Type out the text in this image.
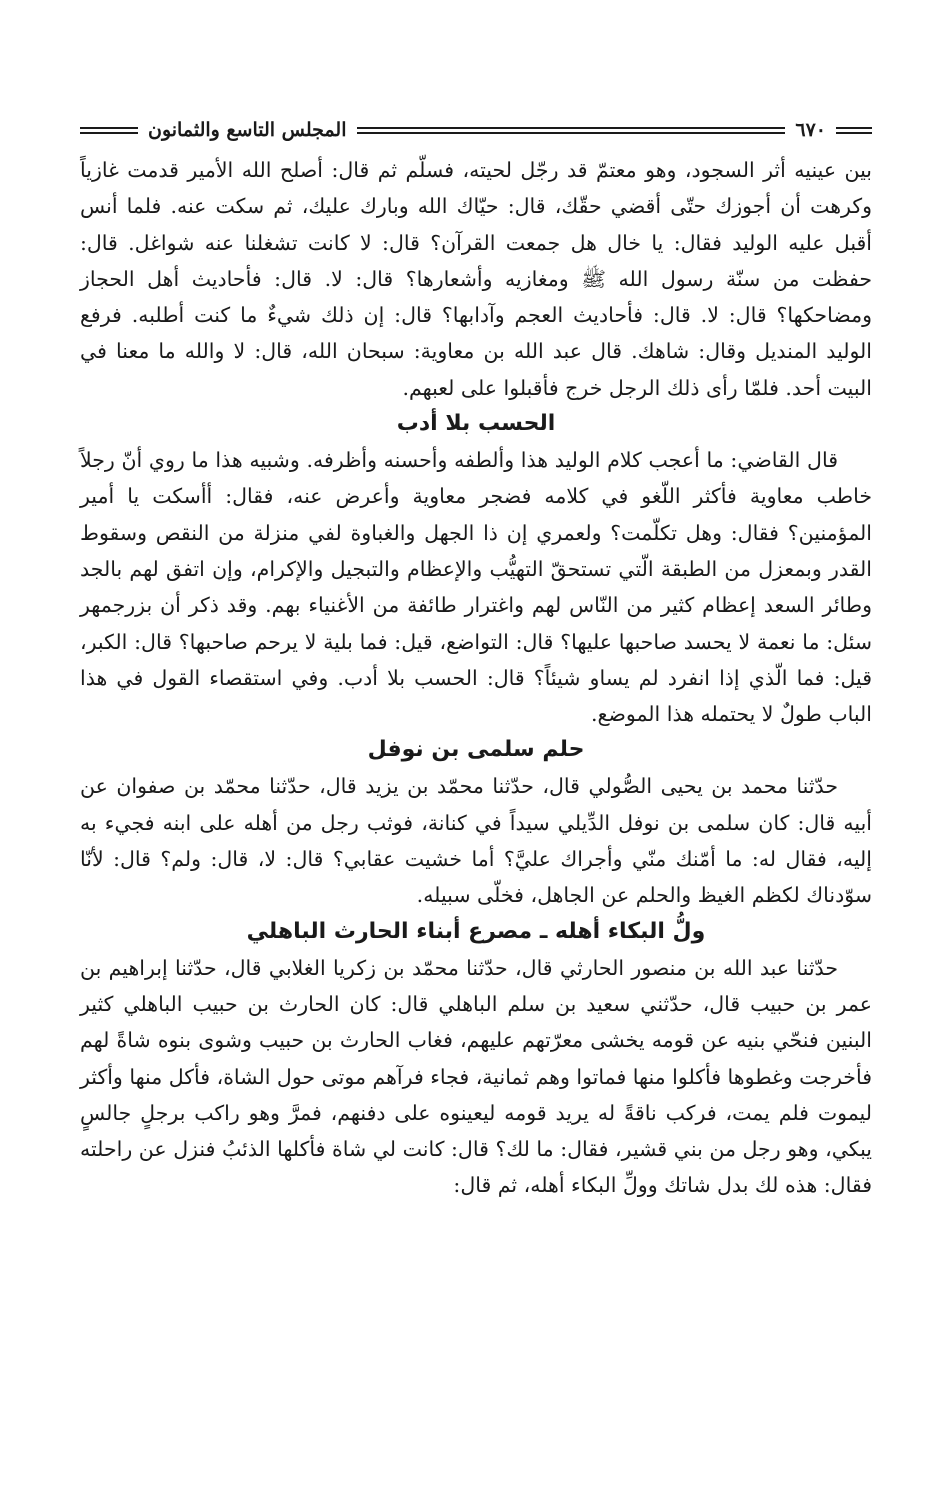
٦٧٠
المجلس التاسع والثمانون

بين عينيه أثر السجود، وهو معتمّ قد رجّل لحيته، فسلّم ثم قال: أصلح الله الأمير قدمت غازياً وكرهت أن أجوزك حتّى أقضي حقّك، قال: حيّاك الله وبارك عليك، ثم سكت عنه. فلما أنس أقبل عليه الوليد فقال: يا خال هل جمعت القرآن؟ قال: لا كانت تشغلنا عنه شواغل. قال: حفظت من سنّة رسول الله ﷺ ومغازيه وأشعارها؟ قال: لا. قال: فأحاديث أهل الحجاز ومضاحكها؟ قال: لا. قال: فأحاديث العجم وآدابها؟ قال: إن ذلك شيءٌ ما كنت أطلبه. فرفع الوليد المنديل وقال: شاهك. قال عبد الله بن معاوية: سبحان الله، قال: لا والله ما معنا في البيت أحد. فلمّا رأى ذلك الرجل خرج فأقبلوا على لعبهم.

الحسب بلا أدب

قال القاضي: ما أعجب كلام الوليد هذا وألطفه وأحسنه وأظرفه. وشبيه هذا ما روي أنّ رجلاً خاطب معاوية فأكثر اللّغو في كلامه فضجر معاوية وأعرض عنه، فقال: أأسكت يا أمير المؤمنين؟ فقال: وهل تكلّمت؟ ولعمري إن ذا الجهل والغباوة لفي منزلة من النقص وسقوط القدر وبمعزل من الطبقة الّتي تستحقّ التهيُّب والإعظام والتبجيل والإكرام، وإن اتفق لهم بالجد وطائر السعد إعظام كثير من النّاس لهم واغترار طائفة من الأغنياء بهم. وقد ذكر أن بزرجمهر سئل: ما نعمة لا يحسد صاحبها عليها؟ قال: التواضع، قيل: فما بلية لا يرحم صاحبها؟ قال: الكبر، قيل: فما الّذي إذا انفرد لم يساو شيئاً؟ قال: الحسب بلا أدب. وفي استقصاء القول في هذا الباب طولٌ لا يحتمله هذا الموضع.

حلم سلمى بن نوفل

حدّثنا محمد بن يحيى الصُّولي قال، حدّثنا محمّد بن يزيد قال، حدّثنا محمّد بن صفوان عن أبيه قال: كان سلمى بن نوفل الدِّيلي سيداً في كنانة، فوثب رجل من أهله على ابنه فجيء به إليه، فقال له: ما أمّنك منّي وأجراك عليَّ؟ أما خشيت عقابي؟ قال: لا، قال: ولم؟ قال: لأنّا سوّدناك لكظم الغيظ والحلم عن الجاهل، فخلّى سبيله.

ولُّ البكاء أهله ـ مصرع أبناء الحارث الباهلي

حدّثنا عبد الله بن منصور الحارثي قال، حدّثنا محمّد بن زكريا الغلابي قال، حدّثنا إبراهيم بن عمر بن حبيب قال، حدّثني سعيد بن سلم الباهلي قال: كان الحارث بن حبيب الباهلي كثير البنين فنحّي بنيه عن قومه يخشى معرّتهم عليهم، فغاب الحارث بن حبيب وشوى بنوه شاةً لهم فأخرجت وغطوها فأكلوا منها فماتوا وهم ثمانية، فجاء فرآهم موتى حول الشاة، فأكل منها وأكثر ليموت فلم يمت، فركب ناقةً له يريد قومه ليعينوه على دفنهم، فمرَّ وهو راكب برجلٍ جالسٍ يبكي، وهو رجل من بني قشير، فقال: ما لك؟ قال: كانت لي شاة فأكلها الذئبُ فنزل عن راحلته فقال: هذه لك بدل شاتك وولِّ البكاء أهله، ثم قال:
